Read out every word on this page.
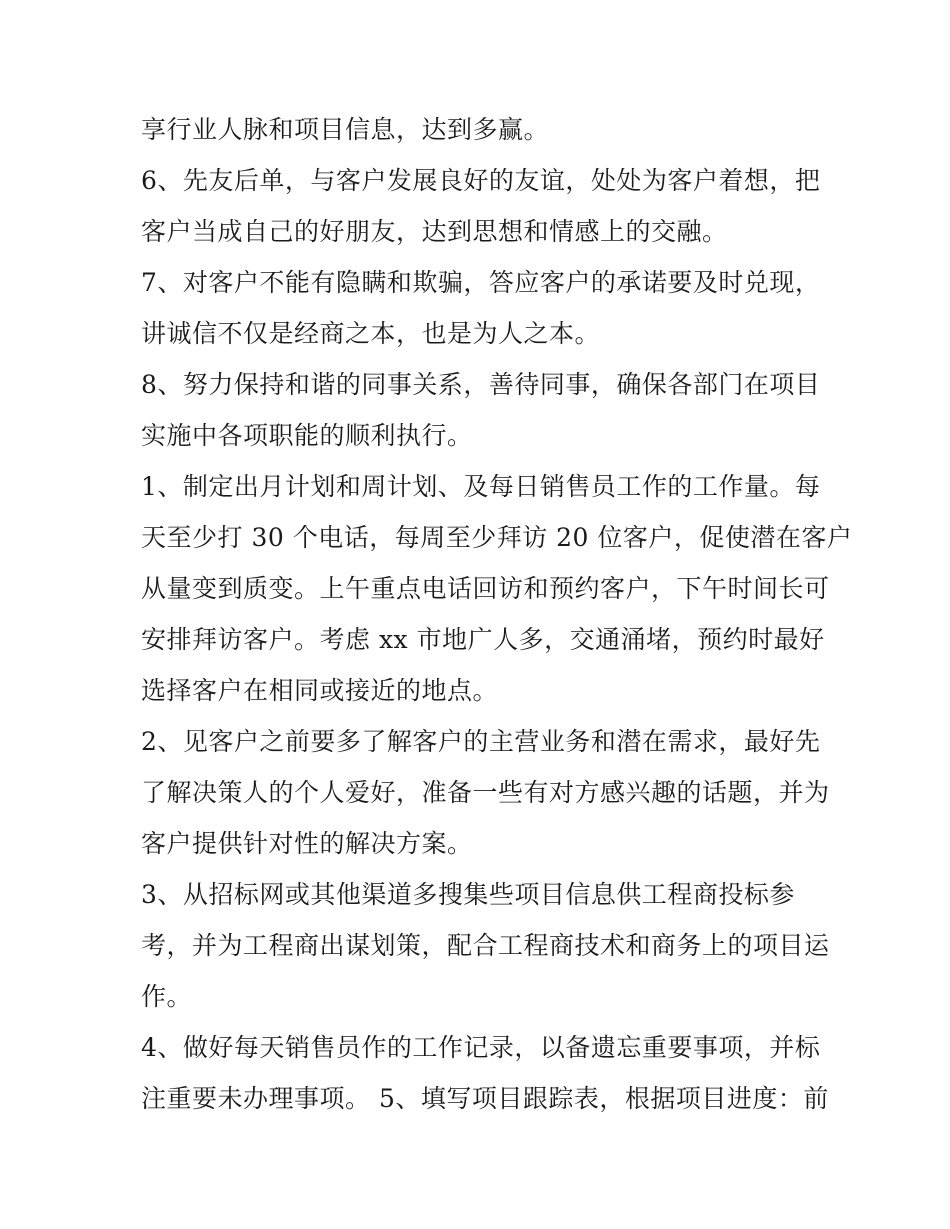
享行业人脉和项目信息，达到多赢。
6、先友后单，与客户发展良好的友谊，处处为客户着想，把
客户当成自己的好朋友，达到思想和情感上的交融。
7、对客户不能有隐瞒和欺骗，答应客户的承诺要及时兑现，
讲诚信不仅是经商之本，也是为人之本。
8、努力保持和谐的同事关系，善待同事，确保各部门在项目
实施中各项职能的顺利执行。
1、制定出月计划和周计划、及每日销售员工作的工作量。每
天至少打 30 个电话，每周至少拜访 20 位客户，促使潜在客户
从量变到质变。上午重点电话回访和预约客户，下午时间长可
安排拜访客户。考虑 xx 市地广人多，交通涌堵，预约时最好
选择客户在相同或接近的地点。
2、见客户之前要多了解客户的主营业务和潜在需求，最好先
了解决策人的个人爱好，准备一些有对方感兴趣的话题，并为
客户提供针对性的解决方案。
3、从招标网或其他渠道多搜集些项目信息供工程商投标参
考，并为工程商出谋划策，配合工程商技术和商务上的项目运
作。
4、做好每天销售员作的工作记录，以备遗忘重要事项，并标
注重要未办理事项。 5、填写项目跟踪表，根据项目进度：前
